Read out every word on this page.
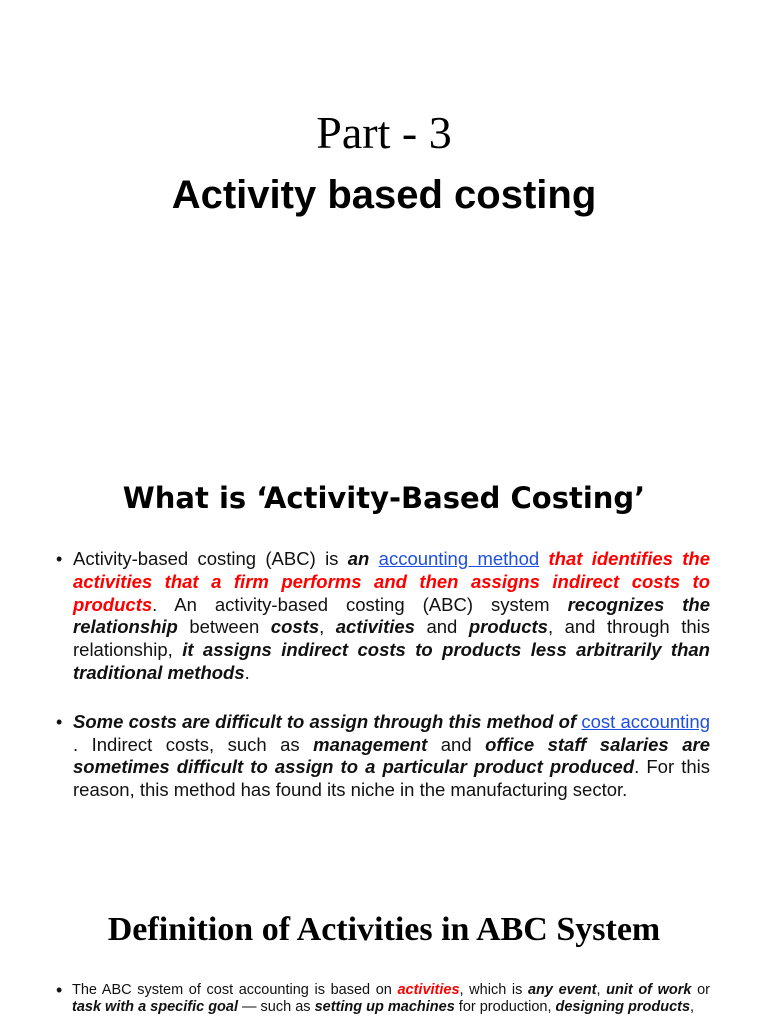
Part - 3
Activity based costing
What is ‘Activity-Based Costing’
• Activity-based costing (ABC) is an accounting method that identifies the activities that a firm performs and then assigns indirect costs to products. An activity-based costing (ABC) system recognizes the relationship between costs, activities and products, and through this relationship, it assigns indirect costs to products less arbitrarily than traditional methods.
• Some costs are difficult to assign through this method of cost accounting . Indirect costs, such as management and office staff salaries are sometimes difficult to assign to a particular product produced. For this reason, this method has found its niche in the manufacturing sector.
Definition of Activities in ABC System
• The ABC system of cost accounting is based on activities, which is any event, unit of work or task with a specific goal — such as setting up machines for production, designing products,
